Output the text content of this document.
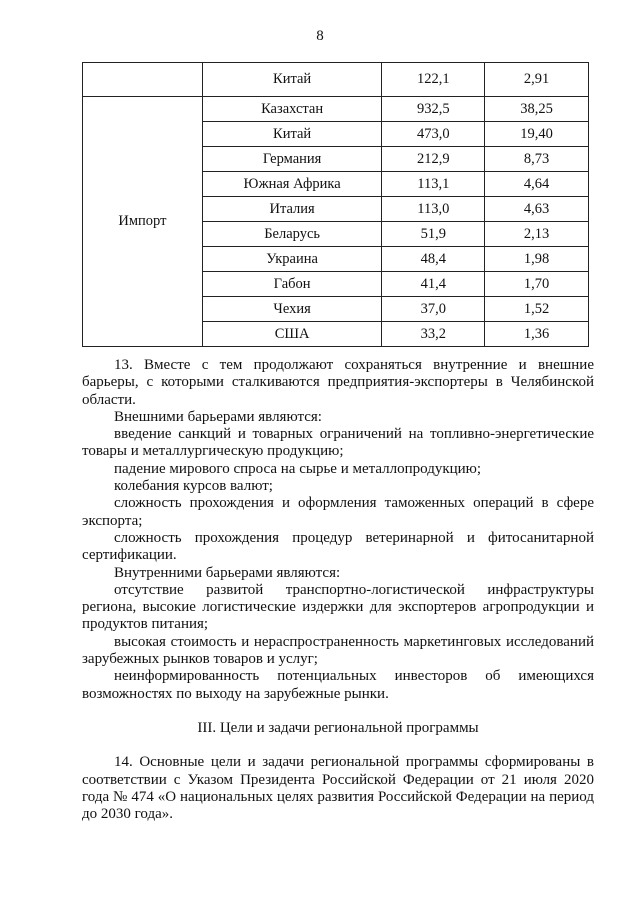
8
	Китай	122,1	2,91
Импорт	Казахстан	932,5	38,25
	Китай	473,0	19,40
	Германия	212,9	8,73
	Южная Африка	113,1	4,64
	Италия	113,0	4,63
	Беларусь	51,9	2,13
	Украина	48,4	1,98
	Габон	41,4	1,70
	Чехия	37,0	1,52
	США	33,2	1,36

13. Вместе с тем продолжают сохраняться внутренние и внешние барьеры, с которыми сталкиваются предприятия-экспортеры в Челябинской области.

Внешними барьерами являются:

введение санкций и товарных ограничений на топливно-энергетические товары и металлургическую продукцию;

падение мирового спроса на сырье и металлопродукцию;

колебания курсов валют;

сложность прохождения и оформления таможенных операций в сфере экспорта;

сложность прохождения процедур ветеринарной и фитосанитарной сертификации.

Внутренними барьерами являются:

отсутствие развитой транспортно-логистической инфраструктуры региона, высокие логистические издержки для экспортеров агропродукции и продуктов питания;

высокая стоимость и нераспространенность маркетинговых исследований зарубежных рынков товаров и услуг;

неинформированность потенциальных инвесторов об имеющихся возможностях по выходу на зарубежные рынки.

III. Цели и задачи региональной программы

14. Основные цели и задачи региональной программы сформированы в соответствии с Указом Президента Российской Федерации от 21 июля 2020 года № 474 «О национальных целях развития Российской Федерации на период до 2030 года».
